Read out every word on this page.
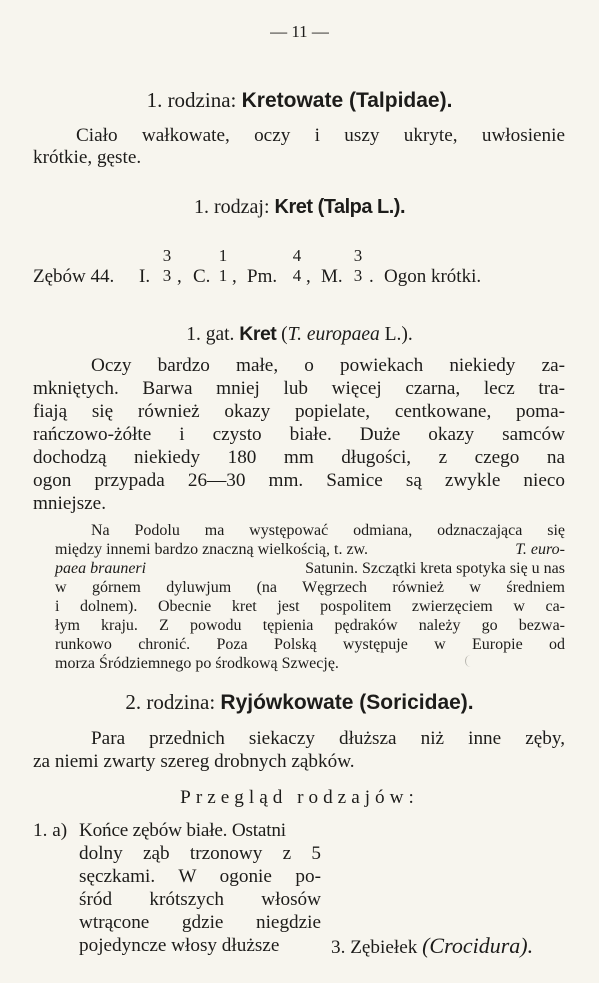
— 11 —
1. rodzina: Kretowate (Talpidae).
Ciało wałkowate, oczy i uszy ukryte, uwłosienie
krótkie, gęste.
1. rodzaj: Kret (Talpa L.).
Zębów 44. I.
3
3 , C.
1
1 , Pm.
4
4 , M.
3
3 . Ogon krótki.
1. gat. Kret (T. europaea L.).
Oczy bardzo małe, o powiekach niekiedy za-
mkniętych. Barwa mniej lub więcej czarna, lecz tra-
fiają się również okazy popielate, centkowane, poma-
rańczowo-żółte i czysto białe. Duże okazy samców
dochodzą niekiedy 180 mm długości, z czego na
ogon przypada 26—30 mm. Samice są zwykle nieco
mniejsze.
Na Podolu ma występować odmiana, odznaczająca się
między innemi bardzo znaczną wielkością, t. zw.	T. euro-
paea brauneri	Satunin. Szczątki kreta spotyka się u nas
w górnem dyluwjum (na Węgrzech również w średniem
i dolnem). Obecnie kret jest pospolitem zwierzęciem w ca-
łym kraju. Z powodu tępienia pędraków należy go bezwa-
runkowo chronić. Poza Polską występuje w Europie od
morza Śródziemnego po środkową Szwecję.
2. rodzina: Ryjówkowate (Soricidae).
Para przednich siekaczy dłuższa niż inne zęby,
za niemi zwarty szereg drobnych ząbków.
Przegląd rodzajów:
1. a) Końce zębów białe. Ostatni
dolny ząb trzonowy z 5
sęczkami. W ogonie po-
śród krótszych włosów
wtrącone gdzie niegdzie
pojedyncze włosy dłuższe	3. Zębiełek (Crocidura).
